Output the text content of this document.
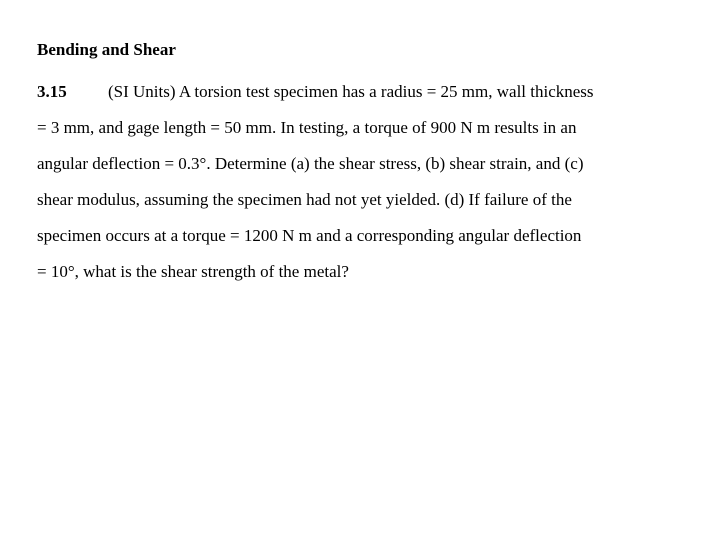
Bending and Shear
3.15 (SI Units) A torsion test specimen has a radius = 25 mm, wall thickness
= 3 mm, and gage length = 50 mm. In testing, a torque of 900 N m results in an
angular deflection = 0.3°. Determine (a) the shear stress, (b) shear strain, and (c)
shear modulus, assuming the specimen had not yet yielded. (d) If failure of the
specimen occurs at a torque = 1200 N m and a corresponding angular deflection
= 10°, what is the shear strength of the metal?
